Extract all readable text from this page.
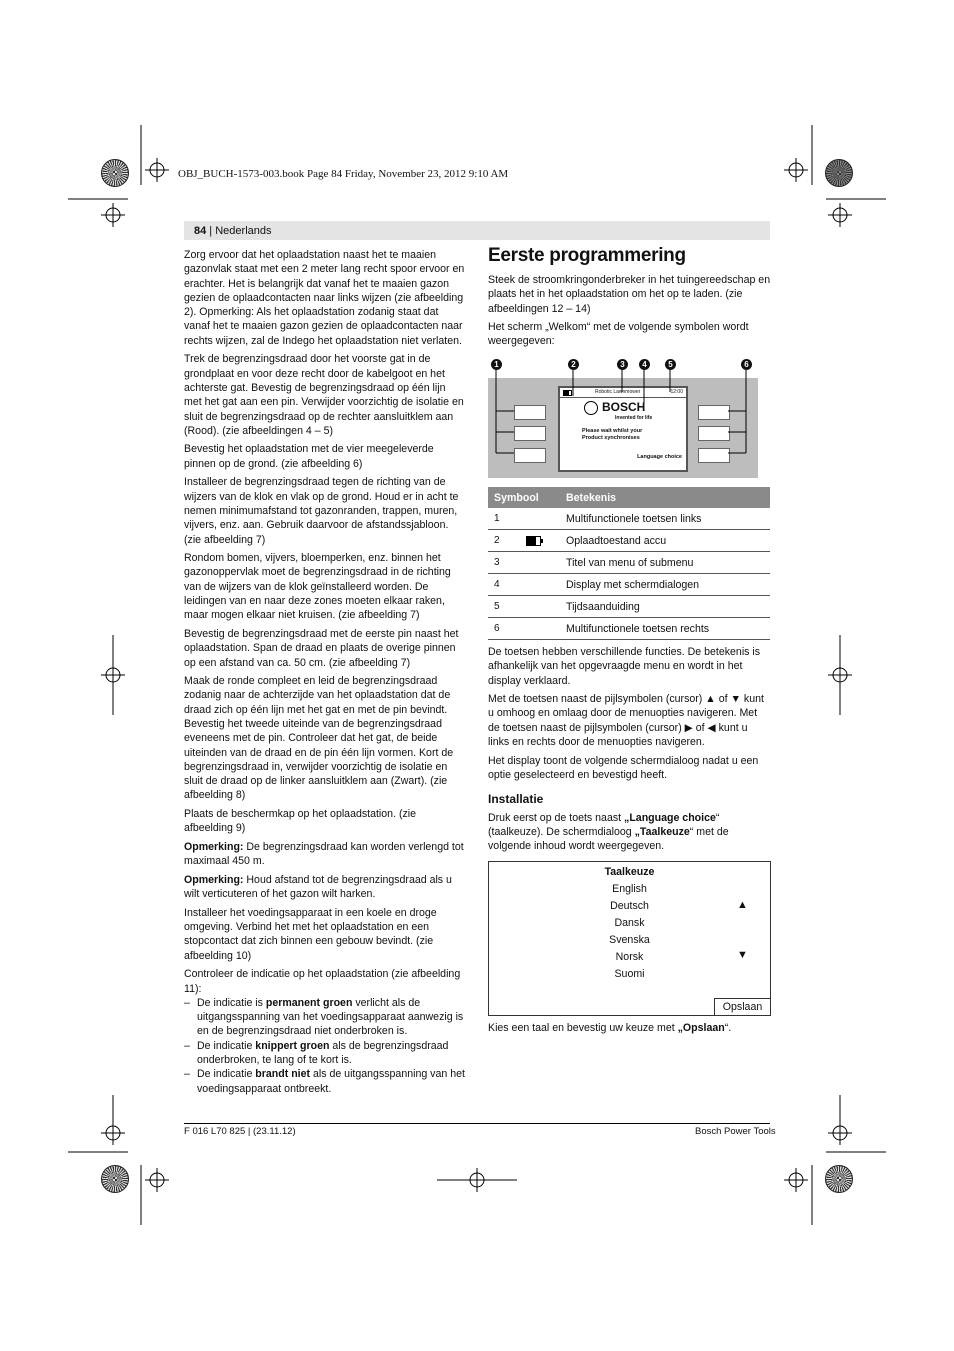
OBJ_BUCH-1573-003.book Page 84 Friday, November 23, 2012 9:10 AM
84 | Nederlands

Zorg ervoor dat het oplaadstation naast het te maaien gazonvlak staat met een 2 meter lang recht spoor ervoor en erachter. Het is belangrijk dat vanaf het te maaien gazon gezien de oplaadcontacten naar links wijzen (zie afbeelding 2). Opmerking: Als het oplaadstation zodanig staat dat vanaf het te maaien gazon gezien de oplaadcontacten naar rechts wijzen, zal de Indego het oplaadstation niet verlaten.

Trek de begrenzingsdraad door het voorste gat in de grondplaat en voor deze recht door de kabelgoot en het achterste gat. Bevestig de begrenzingsdraad op één lijn met het gat aan een pin. Verwijder voorzichtig de isolatie en sluit de begrenzingsdraad op de rechter aansluitklem aan (Rood). (zie afbeeldingen 4 – 5)

Bevestig het oplaadstation met de vier meegeleverde pinnen op de grond. (zie afbeelding 6)

Installeer de begrenzingsdraad tegen de richting van de wijzers van de klok en vlak op de grond. Houd er in acht te nemen minimumafstand tot gazonranden, trappen, muren, vijvers, enz. aan. Gebruik daarvoor de afstandssjabloon. (zie afbeelding 7)

Rondom bomen, vijvers, bloemperken, enz. binnen het gazonoppervlak moet de begrenzingsdraad in de richting van de wijzers van de klok geïnstalleerd worden. De leidingen van en naar deze zones moeten elkaar raken, maar mogen elkaar niet kruisen. (zie afbeelding 7)

Bevestig de begrenzingsdraad met de eerste pin naast het oplaadstation. Span de draad en plaats de overige pinnen op een afstand van ca. 50 cm. (zie afbeelding 7)

Maak de ronde compleet en leid de begrenzingsdraad zodanig naar de achterzijde van het oplaadstation dat de draad zich op één lijn met het gat en met de pin bevindt. Bevestig het tweede uiteinde van de begrenzingsdraad eveneens met de pin. Controleer dat het gat, de beide uiteinden van de draad en de pin één lijn vormen. Kort de begrenzingsdraad in, verwijder voorzichtig de isolatie en sluit de draad op de linker aansluitklem aan (Zwart). (zie afbeelding 8)

Plaats de beschermkap op het oplaadstation. (zie afbeelding 9)

Opmerking: De begrenzingsdraad kan worden verlengd tot maximaal 450 m.

Opmerking: Houd afstand tot de begrenzingsdraad als u wilt verticuteren of het gazon wilt harken.

Installeer het voedingsapparaat in een koele en droge omgeving. Verbind het met het oplaadstation en een stopcontact dat zich binnen een gebouw bevindt. (zie afbeelding 10)

Controleer de indicatie op het oplaadstation (zie afbeelding 11):

– De indicatie is permanent groen verlicht als de uitgangsspanning van het voedingsapparaat aanwezig is en de begrenzingsdraad niet onderbroken is.
– De indicatie knippert groen als de begrenzingsdraad onderbroken, te lang of te kort is.
– De indicatie brandt niet als de uitgangsspanning van het voedingsapparaat ontbreekt.
Eerste programmering

Steek de stroomkringonderbreker in het tuingereedschap en plaats het in het oplaadstation om het op te laden. (zie afbeeldingen 12 – 14)

Het scherm „Welkom“ met de volgende symbolen wordt weergegeven:

1	2	3	4	5	6
Robotic Lawnmower	12:00
BOSCH
Invented for life
Please wait whilst your
Product synchronises
Language choice
Symbool		Betekenis
1		Multifunctionele toetsen links
2		Oplaadtoestand accu
3		Titel van menu of submenu
4		Display met schermdialogen
5		Tijdsaanduiding
6		Multifunctionele toetsen rechts

De toetsen hebben verschillende functies. De betekenis is afhankelijk van het opgevraagde menu en wordt in het display verklaard.

Met de toetsen naast de pijlsymbolen (cursor) ▲ of ▼ kunt u omhoog en omlaag door de menuopties navigeren. Met de toetsen naast de pijlsymbolen (cursor) ▶ of ◀ kunt u links en rechts door de menuopties navigeren.

Het display toont de volgende schermdialoog nadat u een optie geselecteerd en bevestigd heeft.

Installatie

Druk eerst op de toets naast „Language choice“ (taalkeuze). De schermdialoog „Taalkeuze“ met de volgende inhoud wordt weergegeven.

Taalkeuze
English
Deutsch
Dansk
Svenska
Norsk
Suomi
▲
▼
Opslaan
Kies een taal en bevestig uw keuze met „Opslaan“.
F 016 L70 825 | (23.11.12)	Bosch Power Tools
